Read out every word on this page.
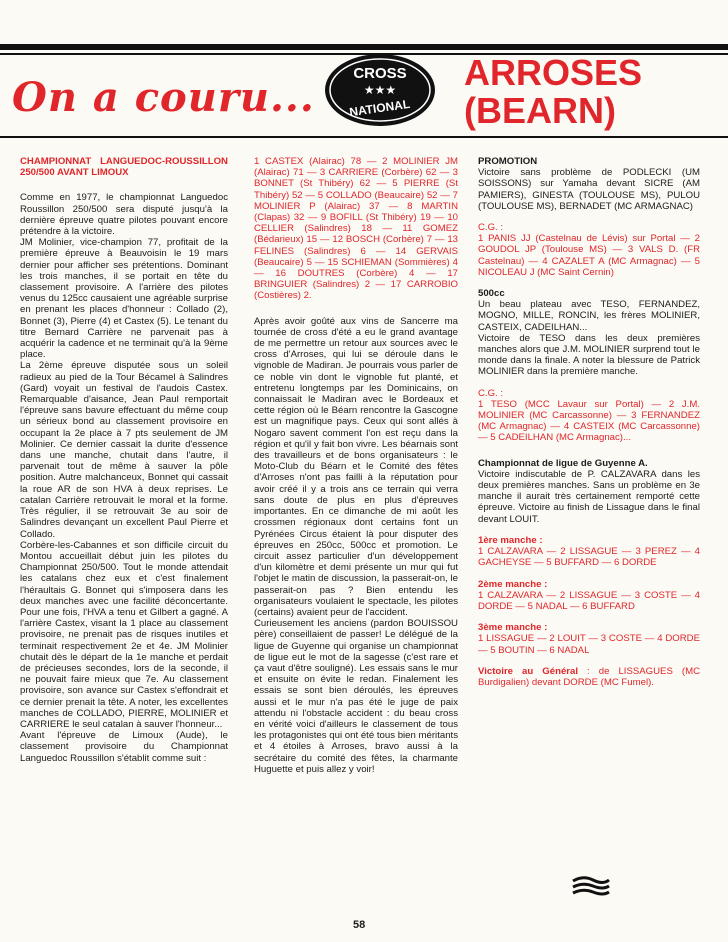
On a couru...
CROSS
★★★
NATIONAL
ARROSES
(BEARN)

CHAMPIONNAT LANGUEDOC-ROUSSILLON 250/500 AVANT LIMOUX

Comme en 1977, le championnat Languedoc Roussillon 250/500 sera disputé jusqu'à la dernière épreuve quatre pilotes pouvant encore prétendre à la victoire.

JM Molinier, vice-champion 77, profitait de la première épreuve à Beauvoisin le 19 mars dernier pour afficher ses prétentions. Dominant les trois manches, il se portait en tête du classement provisoire. A l'arrière des pilotes venus du 125cc causaient une agréable surprise en prenant les places d'honneur : Collado (2), Bonnet (3), Pierre (4) et Castex (5). Le tenant du titre Bernard Carrière ne parvenait pas à acquérir la cadence et ne terminait qu'à la 9ème place.

La 2ème épreuve disputée sous un soleil radieux au pied de la Tour Bécamel à Salindres (Gard) voyait un festival de l'audois Castex. Remarquable d'aisance, Jean Paul remportait l'épreuve sans bavure effectuant du même coup un sérieux bond au classement provisoire en occupant la 2e place à 7 pts seulement de JM Molinier. Ce dernier cassait la durite d'essence dans une manche, chutait dans l'autre, il parvenait tout de même à sauver la pôle position. Autre malchanceux, Bonnet qui cassait la roue AR de son HVA à deux reprises. Le catalan Carrière retrouvait le moral et la forme. Très régulier, il se retrouvait 3e au soir de Salindres devançant un excellent Paul Pierre et Collado.

Corbère-les-Cabannes et son difficile circuit du Montou accueillait début juin les pilotes du Championnat 250/500. Tout le monde attendait les catalans chez eux et c'est finalement l'héraultais G. Bonnet qui s'imposera dans les deux manches avec une facilité déconcertante. Pour une fois, l'HVA a tenu et Gilbert a gagné. A l'arrière Castex, visant la 1 place au classement provisoire, ne prenait pas de risques inutiles et terminait respectivement 2e et 4e. JM Molinier chutait dès le départ de la 1e manche et perdait de précieuses secondes, lors de la seconde, il ne pouvait faire mieux que 7e. Au classement provisoire, son avance sur Castex s'effondrait et ce dernier prenait la tête. A noter, les excellentes manches de COLLADO, PIERRE, MOLINIER et CARRIERE le seul catalan à sauver l'honneur...

Avant l'épreuve de Limoux (Aude), le classement provisoire du Championnat Languedoc Roussillon s'établit comme suit :

1 CASTEX (Alairac) 78 — 2 MOLINIER JM (Alairac) 71 — 3 CARRIERE (Corbère) 62 — 3 BONNET (St Thibéry) 62 — 5 PIERRE (St Thibéry) 52 — 5 COLLADO (Beaucaire) 52 — 7 MOLINIER P (Alairac) 37 — 8 MARTIN (Clapas) 32 — 9 BOFILL (St Thibéry) 19 — 10 CELLIER (Salindres) 18 — 11 GOMEZ (Bédarieux) 15 — 12 BOSCH (Corbère) 7 — 13 FELINES (Salindres) 6 — 14 GERVAIS (Beaucaire) 5 — 15 SCHIEMAN (Sommières) 4 — 16 DOUTRES (Corbère) 4 — 17 BRINGUIER (Salindres) 2 — 17 CARROBIO (Costières) 2.

Après avoir goûté aux vins de Sancerre ma tournée de cross d'été a eu le grand avantage de me permettre un retour aux sources avec le cross d'Arroses, qui lui se déroule dans le vignoble de Madiran. Je pourrais vous parler de ce noble vin dont le vignoble fut planté, et entretenu longtemps par les Dominicains, on connaissait le Madiran avec le Bordeaux et cette région où le Béarn rencontre la Gascogne est un magnifique pays. Ceux qui sont allés à Nogaro savent comment l'on est reçu dans la région et qu'il y fait bon vivre. Les béarnais sont des travailleurs et de bons organisateurs : le Moto-Club du Béarn et le Comité des fêtes d'Arroses n'ont pas failli à la réputation pour avoir créé il y a trois ans ce terrain qui verra sans doute de plus en plus d'épreuves importantes. En ce dimanche de mi août les crossmen régionaux dont certains font un Pyrénées Circus étaient là pour disputer des épreuves en 250cc, 500cc et promotion. Le circuit assez particulier d'un développement d'un kilomètre et demi présente un mur qui fut l'objet le matin de discussion, la passerait-on, le passerait-on pas ? Bien entendu les organisateurs voulaient le spectacle, les pilotes (certains) avaient peur de l'accident.

Curieusement les anciens (pardon BOUISSOU père) conseillaient de passer! Le délégué de la ligue de Guyenne qui organise un championnat de ligue eut le mot de la sagesse (c'est rare et ça vaut d'être souligné). Les essais sans le mur et ensuite on évite le redan. Finalement les essais se sont bien déroulés, les épreuves aussi et le mur n'a pas été le juge de paix attendu ni l'obstacle accident : du beau cross en vérité voici d'ailleurs le classement de tous les protagonistes qui ont été tous bien méritants et 4 étoiles à Arroses, bravo aussi à la secrétaire du comité des fêtes, la charmante Huguette et puis allez y voir!

PROMOTION

Victoire sans problème de PODLECKI (UM SOISSONS) sur Yamaha devant SICRE (AM PAMIERS), GINESTA (TOULOUSE MS), PULOU (TOULOUSE MS), BERNADET (MC ARMAGNAC)

C.G. :

1 PANIS JJ (Castelnau de Lévis) sur Portal — 2 GOUDOL JP (Toulouse MS) — 3 VALS D. (FR Castelnau) — 4 CAZALET A (MC Armagnac) — 5 NICOLEAU J (MC Saint Cernin)

500cc

Un beau plateau avec TESO, FERNANDEZ, MOGNO, MILLE, RONCIN, les frères MOLINIER, CASTEIX, CADEILHAN...

Victoire de TESO dans les deux premières manches alors que J.M. MOLINIER surprend tout le monde dans la finale. A noter la blessure de Patrick MOLINIER dans la première manche.

C.G. :

1 TESO (MCC Lavaur sur Portal) — 2 J.M. MOLINIER (MC Carcassonne) — 3 FERNANDEZ (MC Armagnac) — 4 CASTEIX (MC Carcassonne) — 5 CADEILHAN (MC Armagnac)...

Championnat de ligue de Guyenne A.

Victoire indiscutable de P. CALZAVARA dans les deux premières manches. Sans un problème en 3e manche il aurait très certainement remporté cette épreuve. Victoire au finish de Lissague dans le final devant LOUIT.

1ère manche :

1 CALZAVARA — 2 LISSAGUE — 3 PEREZ — 4 GACHEYSE — 5 BUFFARD — 6 DORDE

2ème manche :

1 CALZAVARA — 2 LISSAGUE — 3 COSTE — 4 DORDE — 5 NADAL — 6 BUFFARD

3ème manche :

1 LISSAGUE — 2 LOUIT — 3 COSTE — 4 DORDE — 5 BOUTIN — 6 NADAL

Victoire au Général : de LISSAGUES (MC Burdigalien) devant DORDE (MC Fumel).

58
